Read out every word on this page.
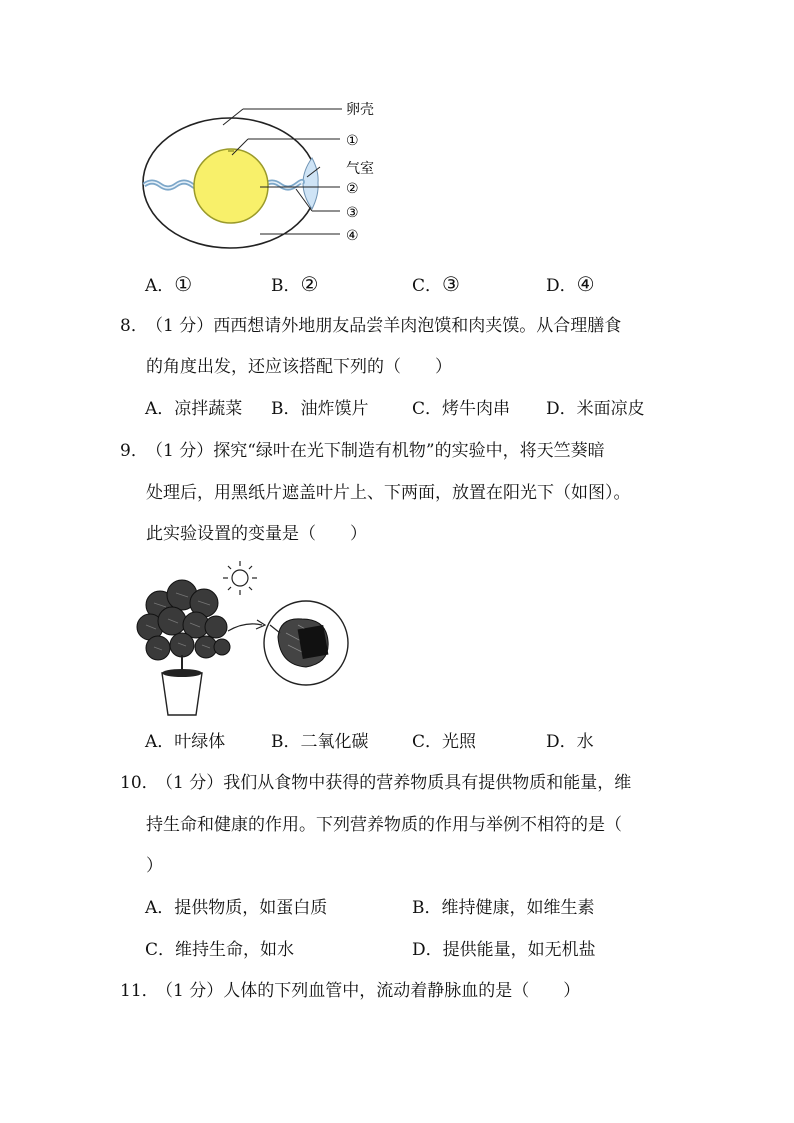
卵壳
①
气室
②
③
④
A．①	B．②	C．③	D．④
8．
（1 分）西西想请外地朋友品尝羊肉泡馍和肉夹馍。从合理膳食
的角度出发，还应该搭配下列的（　　）
A．凉拌蔬菜 B．油炸馍片	C．烤牛肉串 D．米面凉皮
9．
（1 分）探究“绿叶在光下制造有机物”的实验中，将天竺葵暗
处理后，用黑纸片遮盖叶片上、下两面，放置在阳光下（如图）。
此实验设置的变量是（　　）
A．叶绿体	B．二氧化碳	C．光照	D．水
10．
（1 分）我们从食物中获得的营养物质具有提供物质和能量，维
持生命和健康的作用。下列营养物质的作用与举例不相符的是（
）
A．提供物质，如蛋白质	B．维持健康，如维生素
C．维持生命，如水	D．提供能量，如无机盐
11．
（1 分）人体的下列血管中，流动着静脉血的是（　　）
